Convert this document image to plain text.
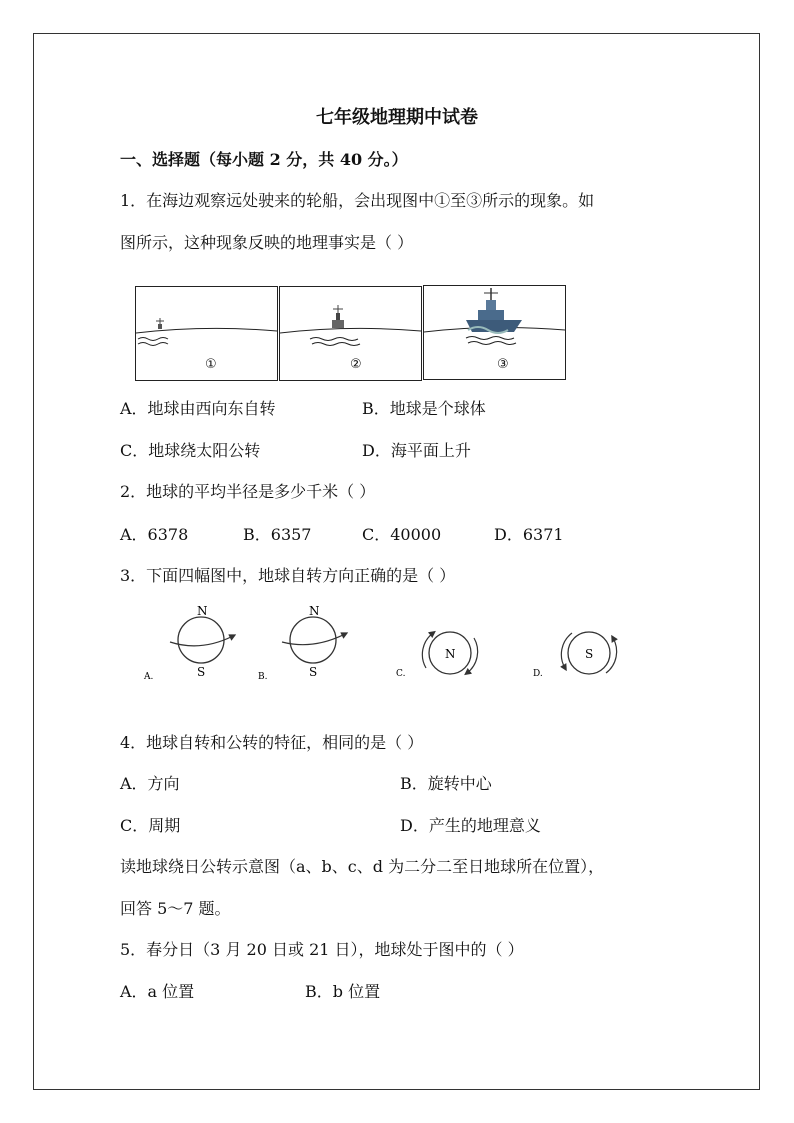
七年级地理期中试卷
一、选择题（每小题 2 分，共 40 分。）
1．在海边观察远处驶来的轮船，会出现图中①至③所示的现象。如
图所示，这种现象反映的地理事实是（ ）
①	②	③
A．地球由西向东自转	B．地球是个球体
C．地球绕太阳公转	D．海平面上升
2．地球的平均半径是多少千米（ ）
A．6378	B．6357	C．40000	D．6371
3．下面四幅图中，地球自转方向正确的是（ ）
N
S
A.
N
S
B.
N
C.
S
D.
4．地球自转和公转的特征，相同的是（ ）
A．方向	B．旋转中心
C．周期	D．产生的地理意义
读地球绕日公转示意图（a、b、c、d 为二分二至日地球所在位置），
回答 5～7 题。
5．春分日（3 月 20 日或 21 日），地球处于图中的（ ）
A．a 位置	B．b 位置
